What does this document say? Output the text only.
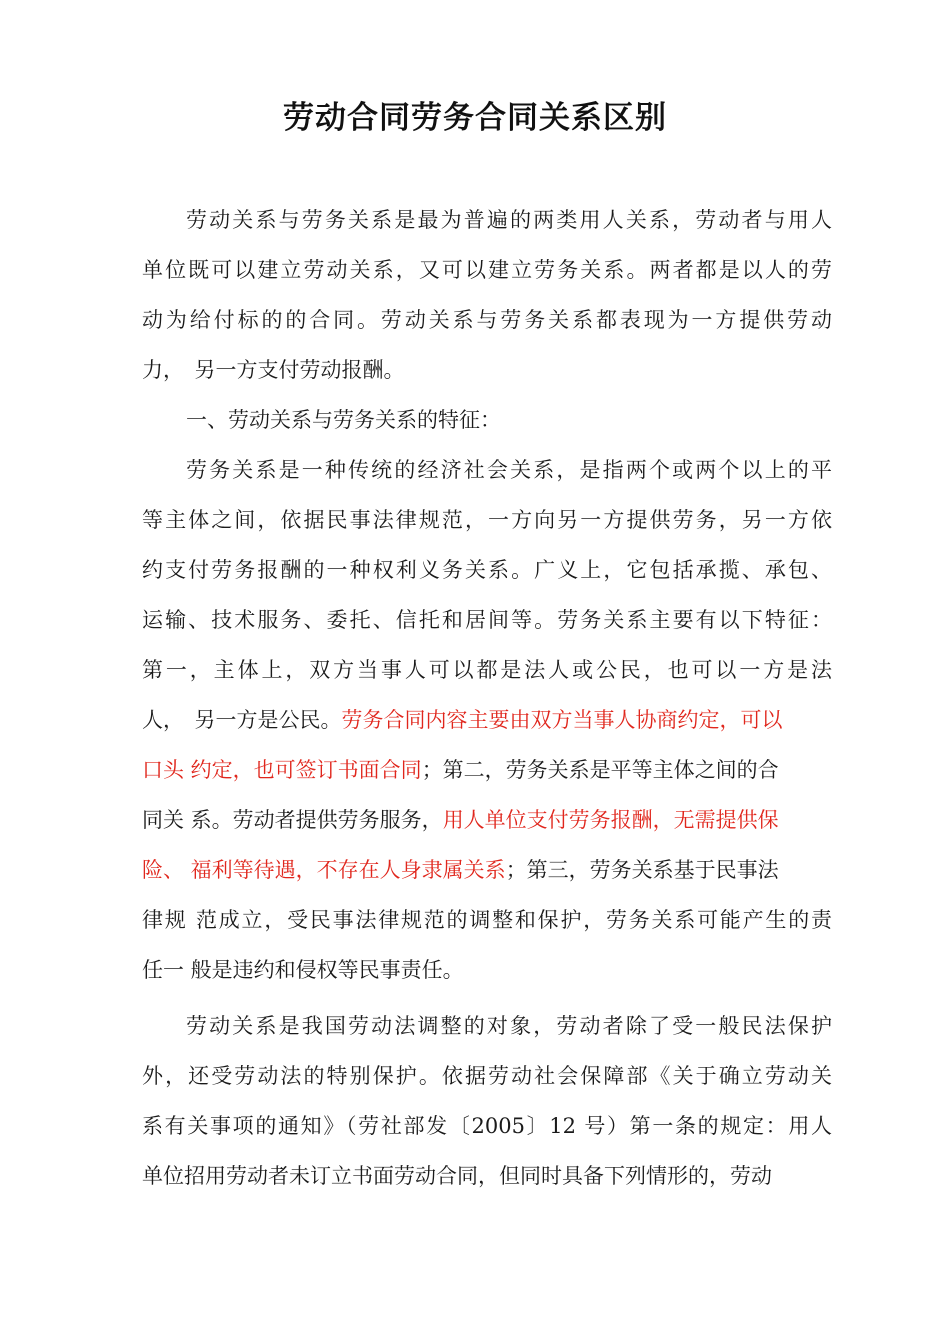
劳动合同劳务合同关系区别
劳动关系与劳务关系是最为普遍的两类用人关系，劳动者与用人
单位既可以建立劳动关系，又可以建立劳务关系。两者都是以人的劳
动为给付标的的合同。劳动关系与劳务关系都表现为一方提供劳动
力，　另一方支付劳动报酬。
一、劳动关系与劳务关系的特征：
劳务关系是一种传统的经济社会关系，是指两个或两个以上的平
等主体之间，依据民事法律规范，一方向另一方提供劳务，另一方依
约支付劳务报酬的一种权利义务关系。广义上，它包括承揽、承包、
运输、技术服务、委托、信托和居间等。劳务关系主要有以下特征：
第一，主体上，双方当事人可以都是法人或公民，也可以一方是法
人，　另一方是公民。劳务合同内容主要由双方当事人协商约定，可以
口头 约定，也可签订书面合同；第二，劳务关系是平等主体之间的合
同关 系。劳动者提供劳务服务，用人单位支付劳务报酬，无需提供保
险、 福利等待遇，不存在人身隶属关系；第三，劳务关系基于民事法
律规 范成立，受民事法律规范的调整和保护，劳务关系可能产生的责
任一 般是违约和侵权等民事责任。
劳动关系是我国劳动法调整的对象，劳动者除了受一般民法保护
外，还受劳动法的特别保护。依据劳动社会保障部《关于确立劳动关
系有关事项的通知》（劳社部发〔2005〕12 号）第一条的规定：用人
单位招用劳动者未订立书面劳动合同，但同时具备下列情形的，劳动
